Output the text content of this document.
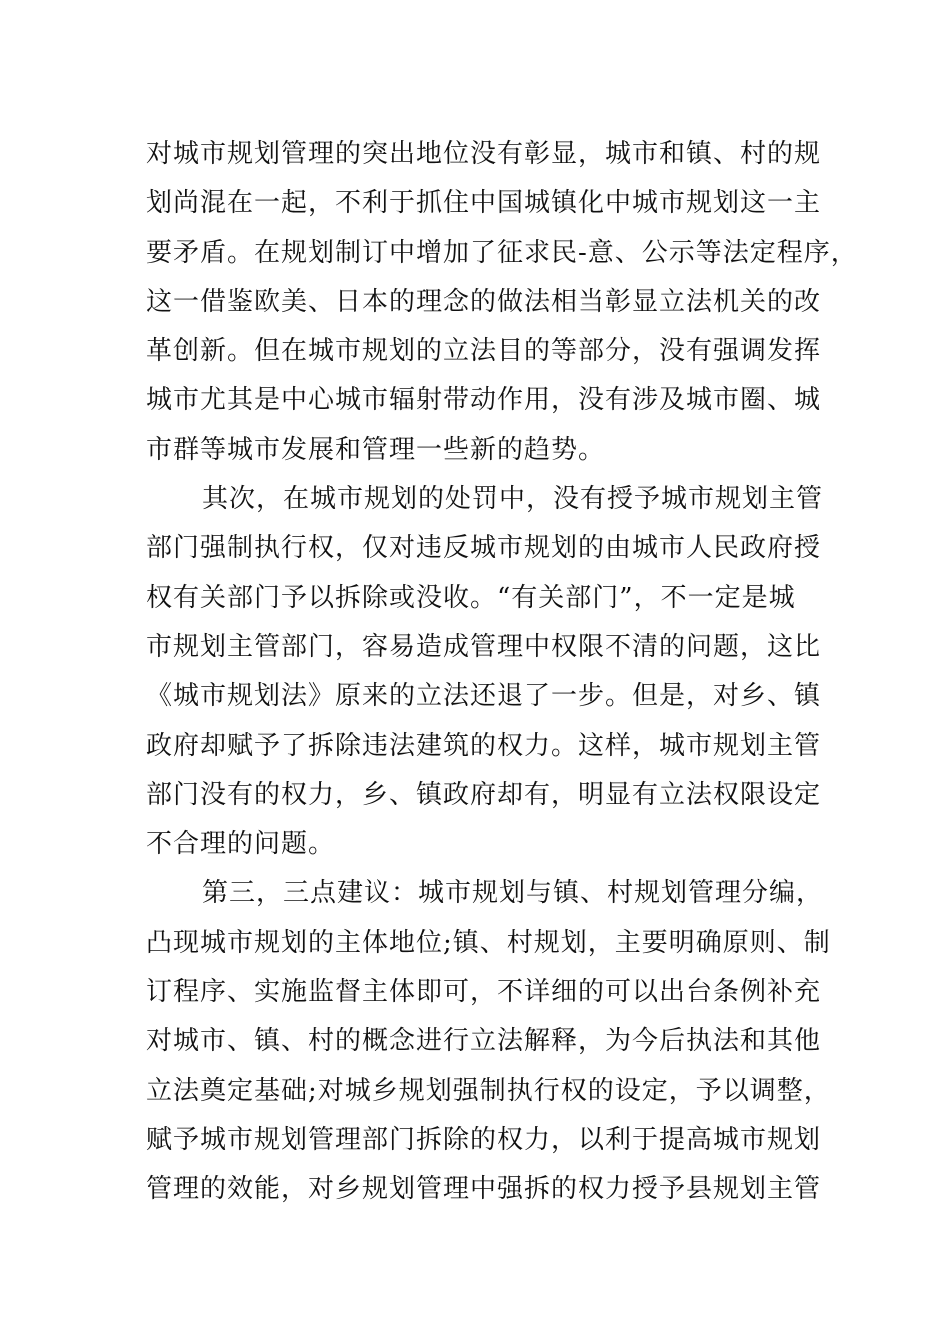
对城市规划管理的突出地位没有彰显，城市和镇、村的规
划尚混在一起，不利于抓住中国城镇化中城市规划这一主
要矛盾。在规划制订中增加了征求民-意、公示等法定程序，
这一借鉴欧美、日本的理念的做法相当彰显立法机关的改
革创新。但在城市规划的立法目的等部分，没有强调发挥
城市尤其是中心城市辐射带动作用，没有涉及城市圈、城
市群等城市发展和管理一些新的趋势。
其次，在城市规划的处罚中，没有授予城市规划主管
部门强制执行权，仅对违反城市规划的由城市人民政府授
权有关部门予以拆除或没收。“有关部门”，不一定是城
市规划主管部门，容易造成管理中权限不清的问题，这比
《城市规划法》原来的立法还退了一步。但是，对乡、镇
政府却赋予了拆除违法建筑的权力。这样，城市规划主管
部门没有的权力，乡、镇政府却有，明显有立法权限设定
不合理的问题。
第三，三点建议：城市规划与镇、村规划管理分编，
凸现城市规划的主体地位;镇、村规划，主要明确原则、制
订程序、实施监督主体即可，不详细的可以出台条例补充
对城市、镇、村的概念进行立法解释，为今后执法和其他
立法奠定基础;对城乡规划强制执行权的设定，予以调整，
赋予城市规划管理部门拆除的权力，以利于提高城市规划
管理的效能，对乡规划管理中强拆的权力授予县规划主管
